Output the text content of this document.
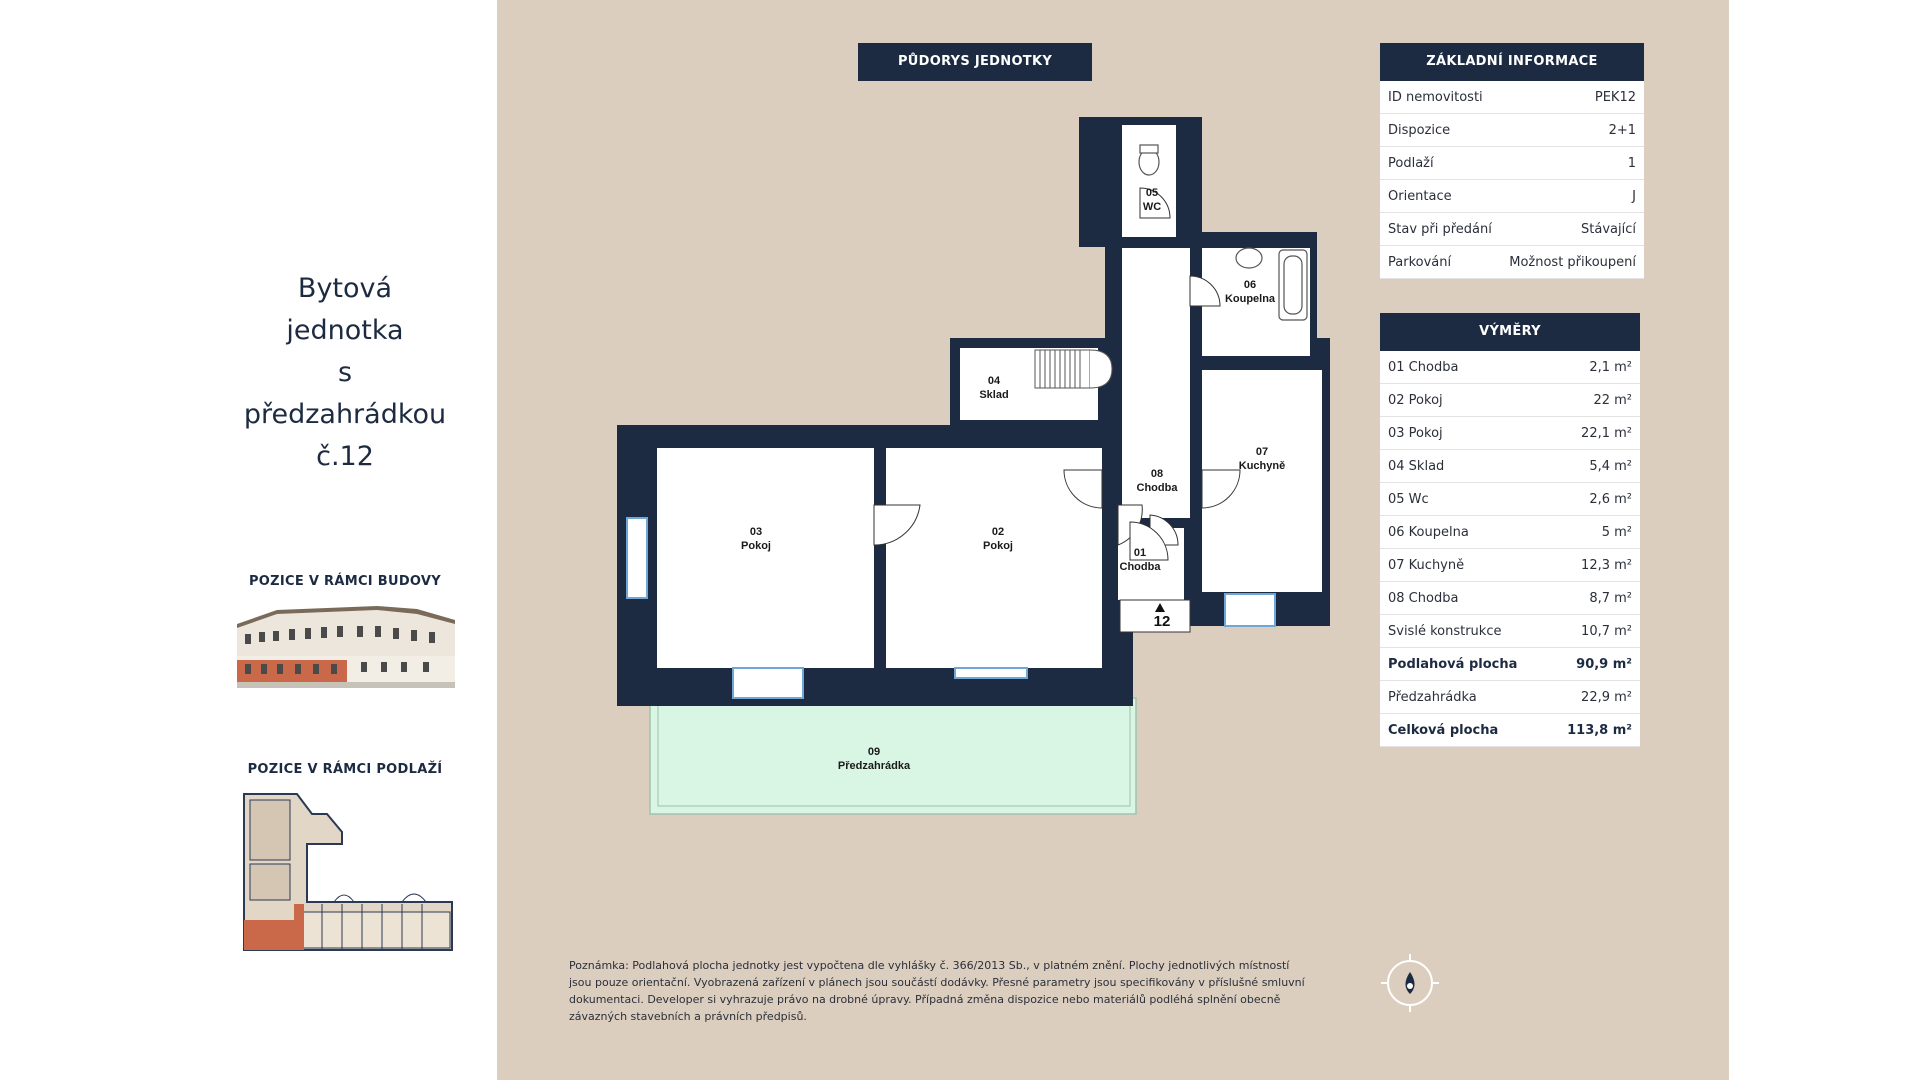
Bytová
jednotka
s
předzahrádkou
č.12
POZICE V RÁMCI BUDOVY
POZICE V RÁMCI PODLAŽÍ
PŮDORYS JEDNOTKY
03
Pokoj
02
Pokoj
04
Sklad
05
WC
06
Koupelna
07
Kuchyně
08
Chodba
01
Chodba
09
Předzahrádka
12
Poznámka: Podlahová plocha jednotky jest vypočtena dle vyhlášky č. 366/2013 Sb., v platném znění. Plochy jednotlivých místností jsou pouze orientační. Vyobrazená zařízení v plánech jsou součástí dodávky. Přesné parametry jsou specifikovány v příslušné smluvní dokumentaci. Developer si vyhrazuje právo na drobné úpravy. Případná změna dispozice nebo materiálů podléhá splnění obecně závazných stavebních a právních předpisů.
ZÁKLADNÍ INFORMACE
ID nemovitosti	PEK12
Dispozice	2+1
Podlaží	1
Orientace	J
Stav při předání	Stávající
Parkování	Možnost přikoupení
VÝMĚRY
01 Chodba	2,1 m²
02 Pokoj	22 m²
03 Pokoj	22,1 m²
04 Sklad	5,4 m²
05 Wc	2,6 m²
06 Koupelna	5 m²
07 Kuchyně	12,3 m²
08 Chodba	8,7 m²
Svislé konstrukce	10,7 m²
Podlahová plocha	90,9 m²
Předzahrádka	22,9 m²
Celková plocha	113,8 m²
